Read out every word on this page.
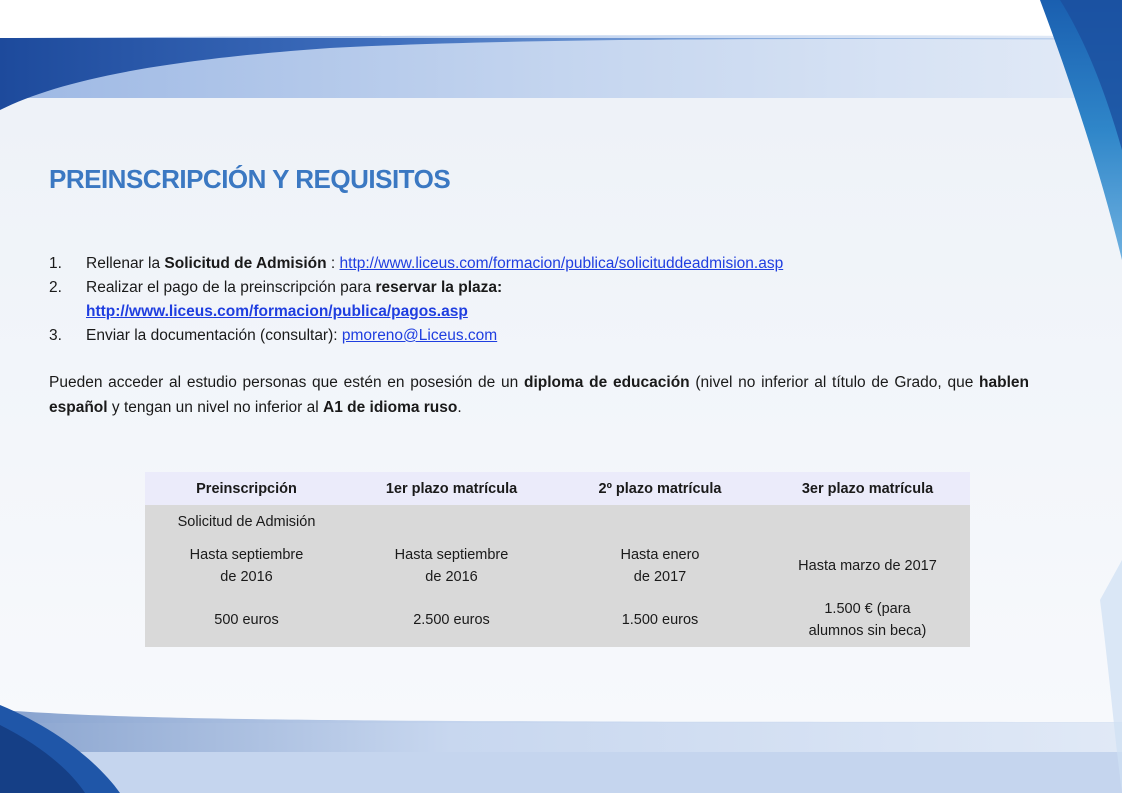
PREINSCRIPCIÓN Y REQUISITOS
1. Rellenar la Solicitud de Admisión : http://www.liceus.com/formacion/publica/solicituddeadmision.asp
2. Realizar el pago de la preinscripción para reservar la plaza:
http://www.liceus.com/formacion/publica/pagos.asp
3. Enviar la documentación (consultar): pmoreno@Liceus.com
Pueden acceder al estudio personas que estén en posesión de un diploma de educación (nivel no inferior al título de Grado, que hablen español y tengan un nivel no inferior al A1 de idioma ruso.
Preinscripción	1er plazo matrícula	2º plazo matrícula	3er plazo matrícula
Solicitud de Admisión			
Hasta septiembre
de 2016	Hasta septiembre
de 2016	Hasta enero
de 2017	Hasta marzo de 2017
500 euros	2.500 euros	1.500 euros	1.500 € (para
alumnos sin beca)
